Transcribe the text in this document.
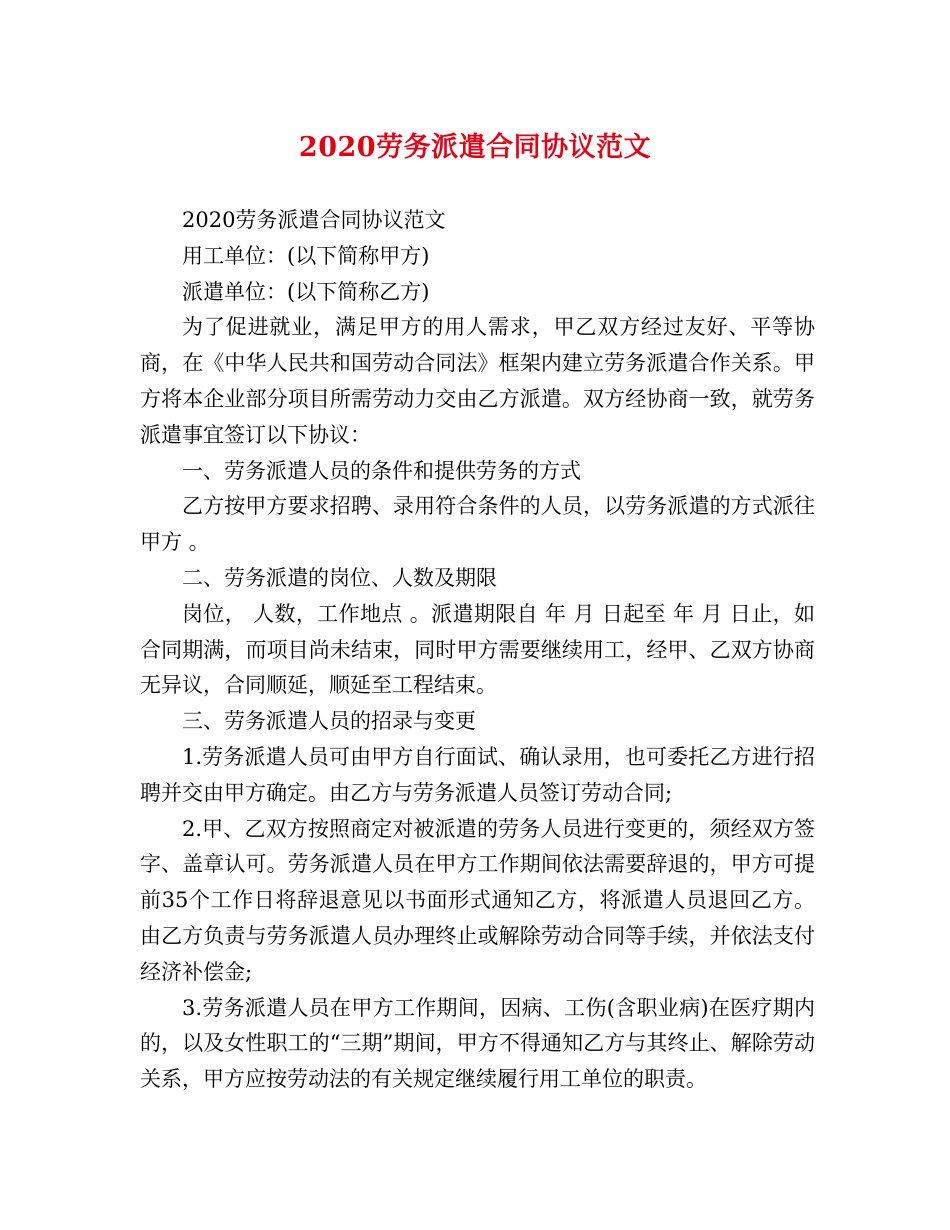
2020劳务派遣合同协议范文

2020劳务派遣合同协议范文

用工单位：(以下简称甲方)

派遣单位：(以下简称乙方)

为了促进就业，满足甲方的用人需求，甲乙双方经过友好、平等协商，在《中华人民共和国劳动合同法》框架内建立劳务派遣合作关系。甲方将本企业部分项目所需劳动力交由乙方派遣。双方经协商一致，就劳务派遣事宜签订以下协议：

一、劳务派遣人员的条件和提供劳务的方式

乙方按甲方要求招聘、录用符合条件的人员，以劳务派遣的方式派往甲方 。

二、劳务派遣的岗位、人数及期限

岗位， 人数，工作地点 。派遣期限自 年 月 日起至 年 月 日止，如合同期满，而项目尚未结束，同时甲方需要继续用工，经甲、乙双方协商无异议，合同顺延，顺延至工程结束。

三、劳务派遣人员的招录与变更

1.劳务派遣人员可由甲方自行面试、确认录用，也可委托乙方进行招聘并交由甲方确定。由乙方与劳务派遣人员签订劳动合同;

2.甲、乙双方按照商定对被派遣的劳务人员进行变更的，须经双方签字、盖章认可。劳务派遣人员在甲方工作期间依法需要辞退的，甲方可提前35个工作日将辞退意见以书面形式通知乙方，将派遣人员退回乙方。由乙方负责与劳务派遣人员办理终止或解除劳动合同等手续，并依法支付经济补偿金;

3.劳务派遣人员在甲方工作期间，因病、工伤(含职业病)在医疗期内的，以及女性职工的“三期”期间，甲方不得通知乙方与其终止、解除劳动关系，甲方应按劳动法的有关规定继续履行用工单位的职责。
